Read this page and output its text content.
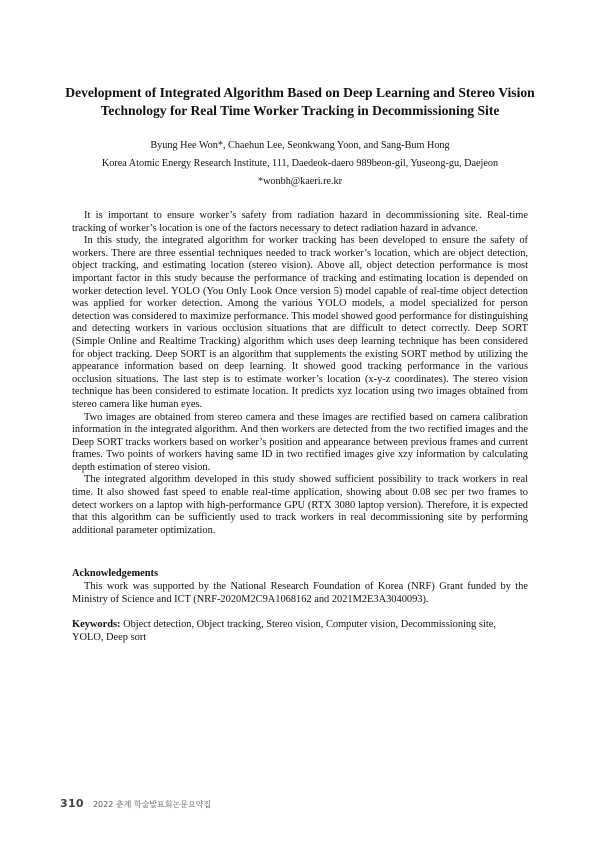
Development of Integrated Algorithm Based on Deep Learning and Stereo Vision Technology for Real Time Worker Tracking in Decommissioning Site
Byung Hee Won*, Chaehun Lee, Seonkwang Yoon, and Sang-Bum Hong
Korea Atomic Energy Research Institute, 111, Daedeok-daero 989beon-gil, Yuseong-gu, Daejeon
*wonbh@kaeri.re.kr

It is important to ensure worker’s safety from radiation hazard in decommissioning site. Real-time tracking of worker’s location is one of the factors necessary to detect radiation hazard in advance.

In this study, the integrated algorithm for worker tracking has been developed to ensure the safety of workers. There are three essential techniques needed to track worker’s location, which are object detection, object tracking, and estimating location (stereo vision). Above all, object detection performance is most important factor in this study because the performance of tracking and estimating location is depended on worker detection level. YOLO (You Only Look Once version 5) model capable of real-time object detection was applied for worker detection. Among the various YOLO models, a model specialized for person detection was considered to maximize performance. This model showed good performance for distinguishing and detecting workers in various occlusion situations that are difficult to detect correctly. Deep SORT (Simple Online and Realtime Tracking) algorithm which uses deep learning technique has been considered for object tracking. Deep SORT is an algorithm that supplements the existing SORT method by utilizing the appearance information based on deep learning. It showed good tracking performance in the various occlusion situations. The last step is to estimate worker’s location (x-y-z coordinates). The stereo vision technique has been considered to estimate location. It predicts xyz location using two images obtained from stereo camera like human eyes.

Two images are obtained from stereo camera and these images are rectified based on camera calibration information in the integrated algorithm. And then workers are detected from the two rectified images and the Deep SORT tracks workers based on worker’s position and appearance between previous frames and current frames. Two points of workers having same ID in two rectified images give xzy information by calculating depth estimation of stereo vision.

The integrated algorithm developed in this study showed sufficient possibility to track workers in real time. It also showed fast speed to enable real-time application, showing about 0.08 sec per two frames to detect workers on a laptop with high-performance GPU (RTX 3080 laptop version). Therefore, it is expected that this algorithm can be sufficiently used to track workers in real decommissioning site by performing additional parameter optimization.

Acknowledgements

This work was supported by the National Research Foundation of Korea (NRF) Grant funded by the Ministry of Science and ICT (NRF-2020M2C9A1068162 and 2021M2E3A3040093).

Keywords: Object detection, Object tracking, Stereo vision, Computer vision, Decommissioning site, YOLO, Deep sort

310 2022 춘계 학술발표회논문요약집
